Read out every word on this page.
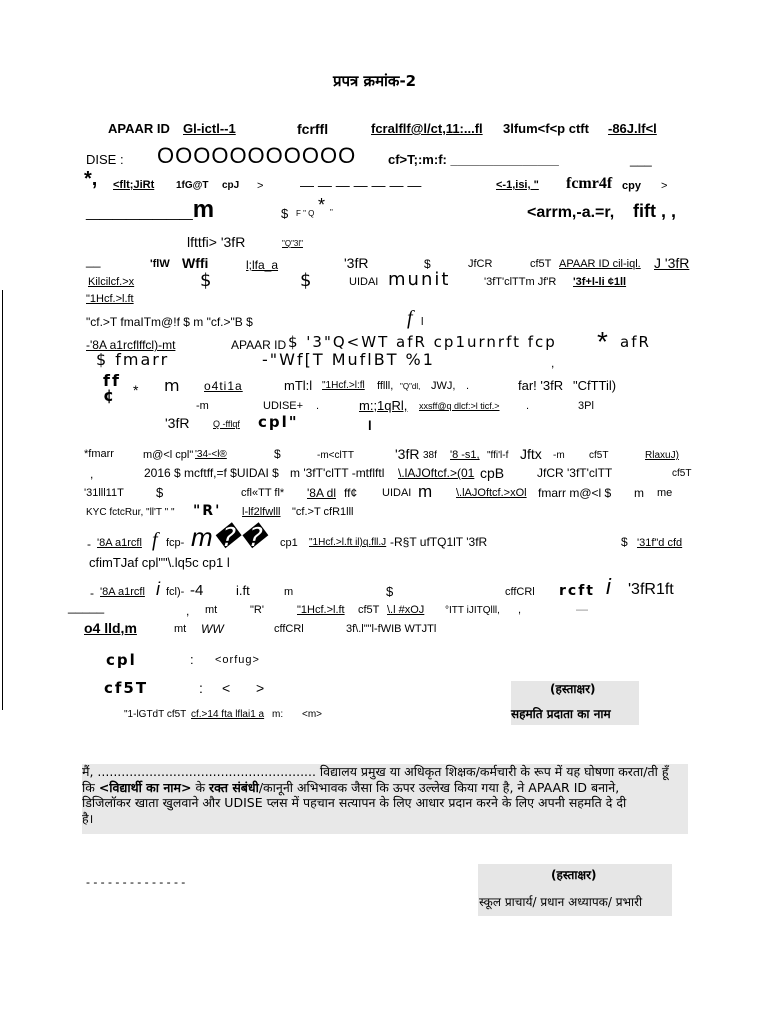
प्रपत्र क्रमांक-2
APAAR ID Gl-ictl--1	fcrffl	fcralflf@l/ct,11:...fl 3lfum<f<p ctft -86J.lf<l
DISE : OOOOOOOOOOO cf>T;:m:f: _______________	___
*, <flt;JiRt 1fG@T cpJ >	— — — — — — —	<-1,isi, " fcmr4f cpy >
________m	$ F " Q * "	<arrm,-a.=r, fift , ,
lfttfi> '3fR	"Q"3l"
__	'flW Wffi	l;lfa_a	'3fR	$	JfCR	cf5T APAAR ID cil-iql. J '3fR
Kilcilcf.>x	$	$	UIDAI munit	'3fT'clTTm Jf'R '3f+l-li ¢1ll
"1Hcf.>l.ft
"cf.>T fmaITm@!f $ m "cf.>"B $	f l
-'8A a1rcflffcl)-mt	APAAR ID $ '3"Q<WT afR cp1urnrft fcp * afR
$ fmarr	-"Wf[T MuflBT %1	,
ff	m o4ti1a	mTl:l "1Hcf.>l:fl fflll, "Q"dl, JWJ, .	far! '3fR "CfTTil)
¢ *
-m	UDISE+ .	m:;1qRl, xxsff@q dlcf:>l ticf.> .	3Pl
'3fR	Q -fflqf cpl"	l
*fmarr	m@<l cpl" '34-<l®	$	-m<clTT	'3fR 38f '8 -s1, "ffi'l-f Jftx -m cf5T	RlaxuJ)
,	2016 $ mcftff,=f $UIDAI $ m '3fT'clTT -mtflftl \.lAJOftcf.>(01 cpB	JfCR '3fT'clTT	cf5T
'31lll11T $	cfl«TT fl* '8A dl ff¢ UIDAI m \.lAJOftcf.>xOl fmarr m@<l $ m me
KYC fctcRur, "ll'T " " "R' l-lf2lfwlll "cf.>T cfR1lll
- '8A a1rcfl f fcp- m�� cp1 "1Hcf.>l.ft il)q.fll.J -R§T ufTQ1lT '3fR	$ '31f"d cfd
cfimTJaf cpl""\.lq5c cp1 l
- '8A a1rcfl i fcl)- -4	i.ft	m	$	cffCRl rcft i '3fR1ft
_____	, mt	"R'	"1Hcf.>l.ft cf5T \.l #xOJ °ITT iJITQlll, ,	—
o4 lld,m	mt WW	cffCRl	3f\.l""l-fWIB WTJTl
cpl	: <orfug>
cf5T	: < >
"1-lGTdT cf5T cf.>14 fta lflai1 a m: <m>
(हस्ताक्षर)
सहमति प्रदाता का नाम

मैं, ....................................................... विद्यालय प्रमुख या अधिकृत शिक्षक/कर्मचारी के रूप में यह घोषणा करता/ती हूँ

कि <विद्यार्थी का नाम> के रक्त संबंधी/कानूनी अभिभावक जैसा कि ऊपर उल्लेख किया गया है, ने APAAR ID बनाने,

डिजिलॉकर खाता खुलवाने और UDISE प्लस में पहचान सत्यापन के लिए आधार प्रदान करने के लिए अपनी सहमति दे दी

है।

- - - - - - - - - - - - - -	(हस्ताक्षर)
स्कूल प्राचार्य/ प्रधान अध्यापक/ प्रभारी
